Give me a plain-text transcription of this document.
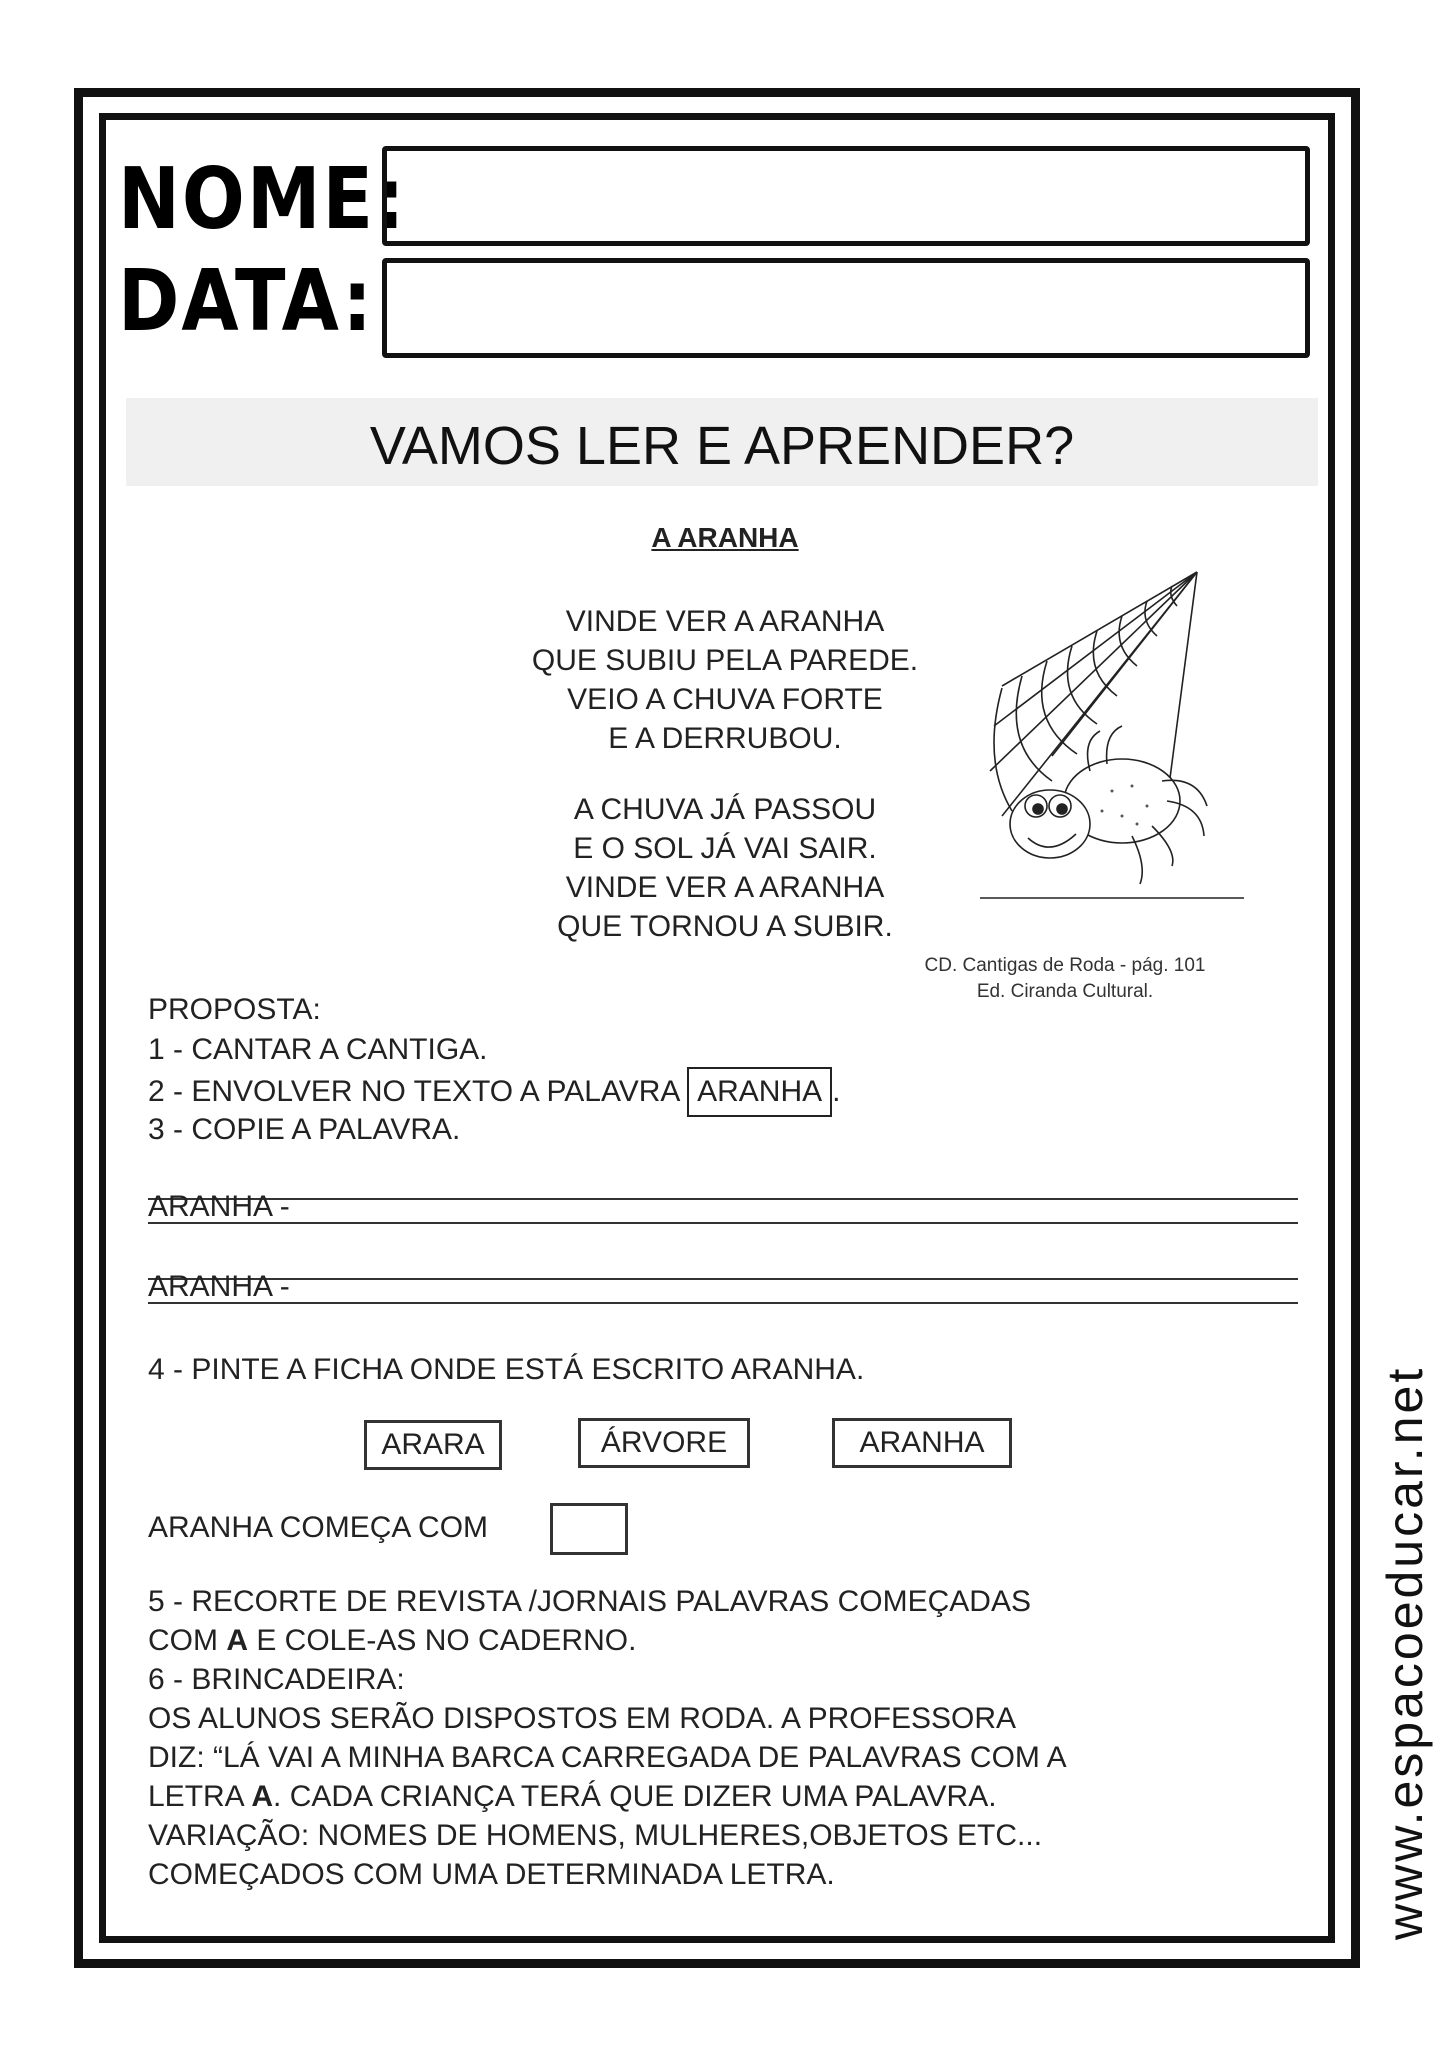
NOME:
DATA:
VAMOS LER E APRENDER?
A ARANHA
VINDE VER A ARANHA
QUE SUBIU PELA PAREDE.
VEIO A CHUVA FORTE
E A DERRUBOU.
A CHUVA JÁ PASSOU
E O SOL JÁ VAI SAIR.
VINDE VER A ARANHA
QUE TORNOU A SUBIR.
CD. Cantigas de Roda - pág. 101
Ed. Ciranda Cultural.
PROPOSTA:
1 - CANTAR A CANTIGA.
2 - ENVOLVER NO TEXTO A PALAVRA ARANHA .
3 - COPIE A PALAVRA.
ARANHA -
ARANHA -
4 - PINTE A FICHA ONDE ESTÁ ESCRITO ARANHA.
ARARA	ÁRVORE	ARANHA
ARANHA COMEÇA COM
5 - RECORTE DE REVISTA /JORNAIS PALAVRAS COMEÇADAS
COM A E COLE-AS NO CADERNO.
6 - BRINCADEIRA:
OS ALUNOS SERÃO DISPOSTOS EM RODA. A PROFESSORA
DIZ: “LÁ VAI A MINHA BARCA CARREGADA DE PALAVRAS COM A
LETRA A. CADA CRIANÇA TERÁ QUE DIZER UMA PALAVRA.
VARIAÇÃO: NOMES DE HOMENS, MULHERES,OBJETOS ETC...
COMEÇADOS COM UMA DETERMINADA LETRA.	www.espacoeducar.net
